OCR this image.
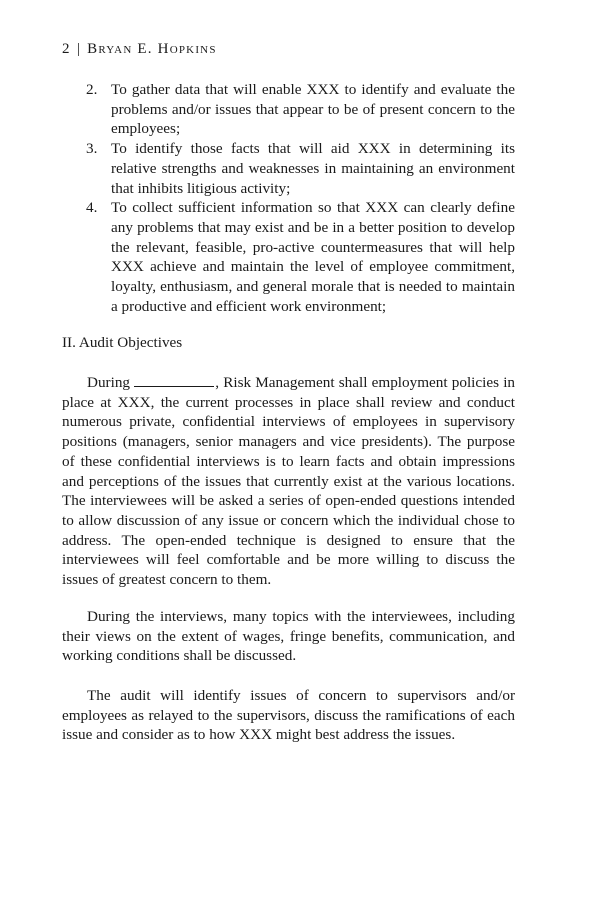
2 | Bryan E. Hopkins
2. To gather data that will enable XXX to identify and evaluate the problems and/or issues that appear to be of present concern to the employees;
3. To identify those facts that will aid XXX in determining its relative strengths and weaknesses in maintaining an environment that inhibits litigious activity;
4. To collect sufficient information so that XXX can clearly define any problems that may exist and be in a better position to develop the relevant, feasible, pro-active countermeasures that will help XXX achieve and maintain the level of employee commitment, loyalty, enthusiasm, and general morale that is needed to maintain a productive and efficient work environment;
II. Audit Objectives

During	, Risk Management shall employment policies in place at XXX, the current processes in place shall review and conduct numerous private, confidential interviews of employees in supervisory positions (managers, senior managers and vice presidents). The purpose of these confidential interviews is to learn facts and obtain impressions and perceptions of the issues that currently exist at the various locations. The interviewees will be asked a series of open-ended questions intended to allow discussion of any issue or concern which the individual chose to address. The open-ended technique is designed to ensure that the interviewees will feel comfortable and be more willing to discuss the issues of greatest concern to them.

During the interviews, many topics with the interviewees, including their views on the extent of wages, fringe benefits, communication, and working conditions shall be discussed.

The audit will identify issues of concern to supervisors and/or employees as relayed to the supervisors, discuss the ramifications of each issue and consider as to how XXX might best address the issues.
